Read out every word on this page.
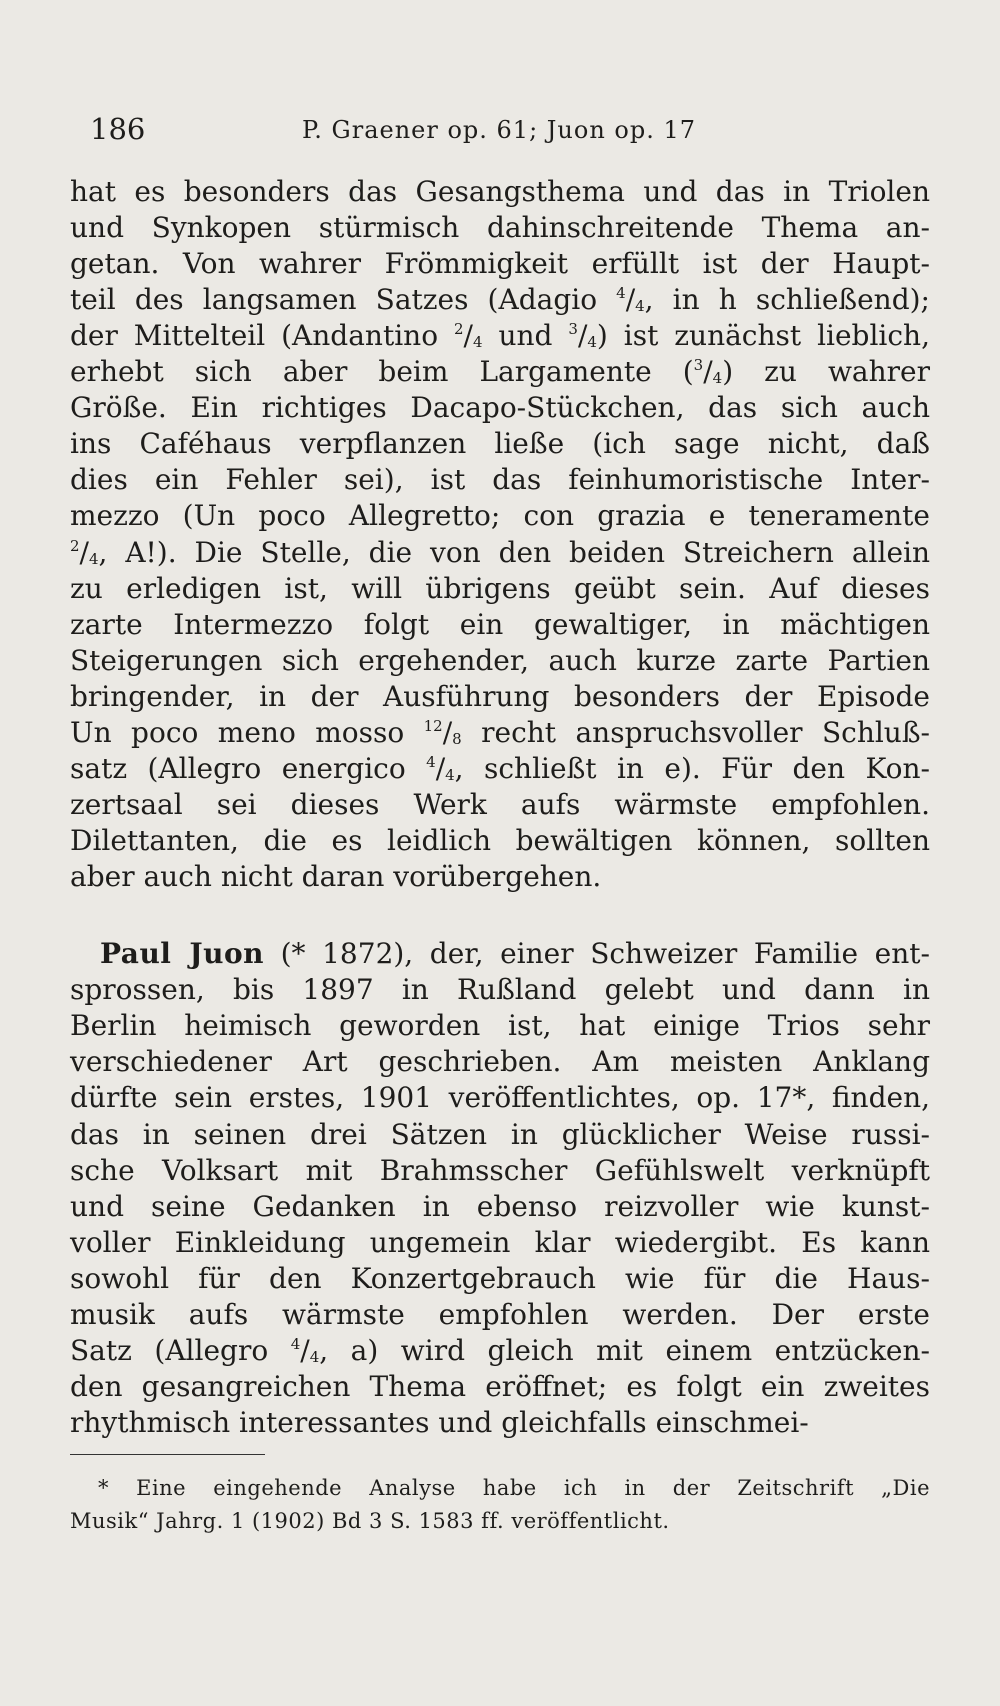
186	P. Graener op. 61; Juon op. 17
hat es besonders das Gesangsthema und das in Triolen
und Synkopen stürmisch dahinschreitende Thema an-
getan. Von wahrer Frömmigkeit erfüllt ist der Haupt-
teil des langsamen Satzes (Adagio $^4/_4$, in h schließend);
der Mittelteil (Andantino $^2/_4$ und $^3/_4$) ist zunächst lieblich,
erhebt sich aber beim Largamente $(^3/_4)$ zu wahrer
Größe. Ein richtiges Dacapo-Stückchen, das sich auch
ins Caféhaus verpflanzen ließe (ich sage nicht, daß
dies ein Fehler sei), ist das feinhumoristische Inter-
mezzo (Un poco Allegretto; con grazia e teneramente
$^2/_4$, A!). Die Stelle, die von den beiden Streichern allein
zu erledigen ist, will übrigens geübt sein. Auf dieses
zarte Intermezzo folgt ein gewaltiger, in mächtigen
Steigerungen sich ergehender, auch kurze zarte Partien
bringender, in der Ausführung besonders der Episode
Un poco meno mosso $^{12}/_8$ recht anspruchsvoller Schluß-
satz (Allegro energico $^4/_4$, schließt in e). Für den Kon-
zertsaal sei dieses Werk aufs wärmste empfohlen.
Dilettanten, die es leidlich bewältigen können, sollten
aber auch nicht daran vorübergehen.
Paul Juon (* 1872), der, einer Schweizer Familie ent-
sprossen, bis 1897 in Rußland gelebt und dann in
Berlin heimisch geworden ist, hat einige Trios sehr
verschiedener Art geschrieben. Am meisten Anklang
dürfte sein erstes, 1901 veröffentlichtes, op. 17*, finden,
das in seinen drei Sätzen in glücklicher Weise russi-
sche Volksart mit Brahmsscher Gefühlswelt verknüpft
und seine Gedanken in ebenso reizvoller wie kunst-
voller Einkleidung ungemein klar wiedergibt. Es kann
sowohl für den Konzertgebrauch wie für die Haus-
musik aufs wärmste empfohlen werden. Der erste
Satz (Allegro $^4/_4$, a) wird gleich mit einem entzücken-
den gesangreichen Thema eröffnet; es folgt ein zweites
rhythmisch interessantes und gleichfalls einschmei-
* Eine eingehende Analyse habe ich in der Zeitschrift „Die
Musik“ Jahrg. 1 (1902) Bd 3 S. 1583 ff. veröffentlicht.
